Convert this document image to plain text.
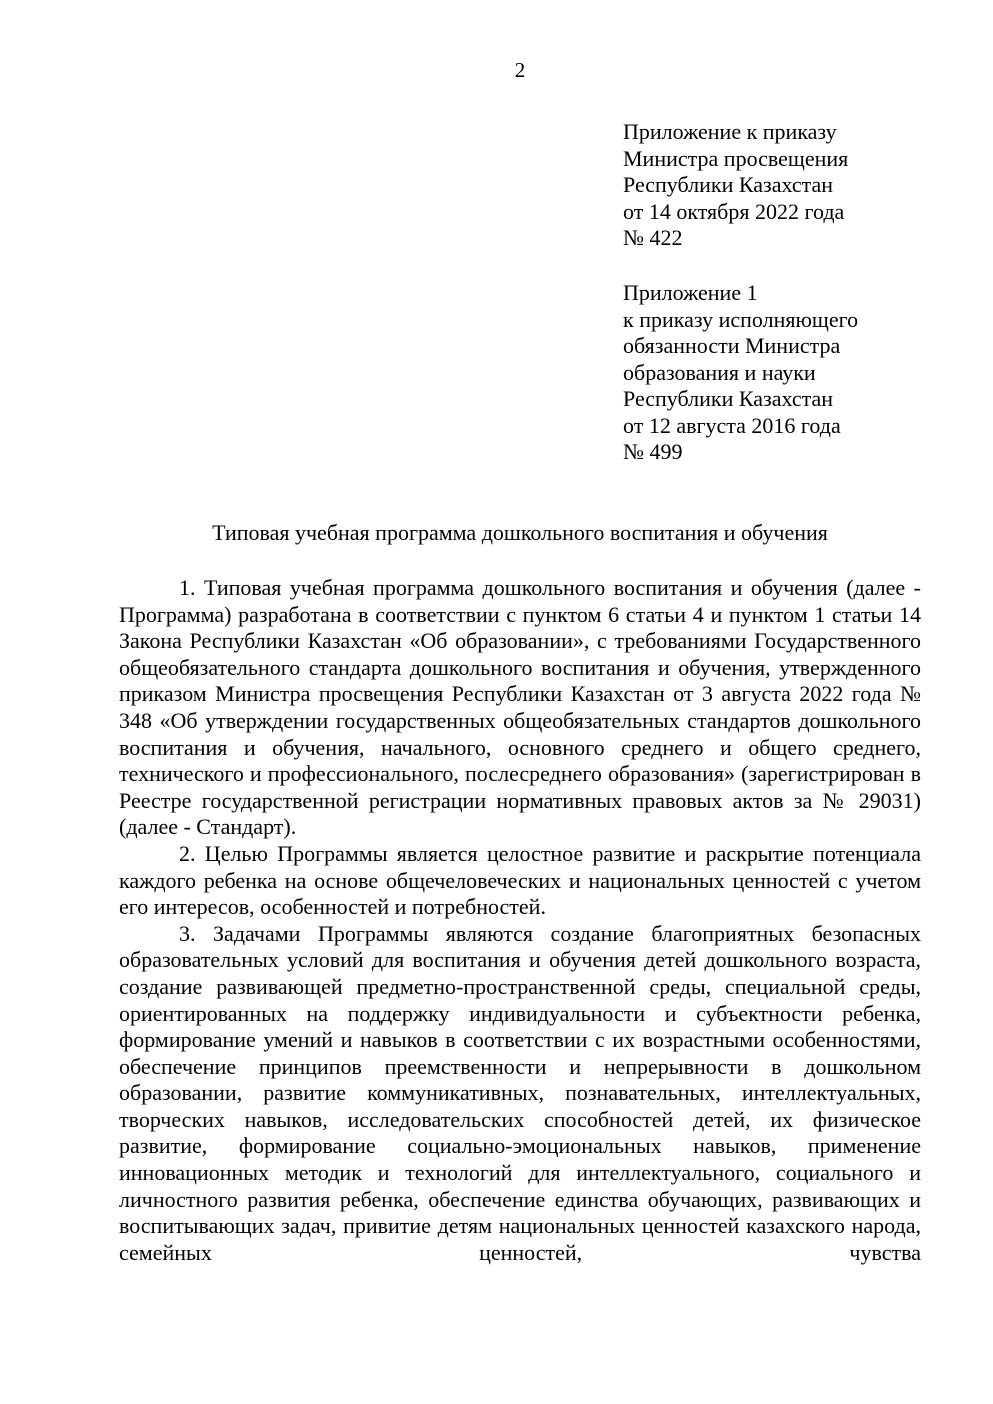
2
Приложение к приказу
Министра просвещения
Республики Казахстан
от 14 октября 2022 года
№ 422
Приложение 1
к приказу исполняющего
обязанности Министра
образования и науки
Республики Казахстан
от 12 августа 2016 года
№ 499
Типовая учебная программа дошкольного воспитания и обучения

1. Типовая учебная программа дошкольного воспитания и обучения (далее - Программа) разработана в соответствии с пунктом 6 статьи 4 и пунктом 1 статьи 14 Закона Республики Казахстан «Об образовании», с требованиями Государственного общеобязательного стандарта дошкольного воспитания и обучения, утвержденного приказом Министра просвещения Республики Казахстан от 3 августа 2022 года № 348 «Об утверждении государственных общеобязательных стандартов дошкольного воспитания и обучения, начального, основного среднего и общего среднего, технического и профессионального, послесреднего образования» (зарегистрирован в Реестре государственной регистрации нормативных правовых актов за № 29031) (далее - Стандарт).

2. Целью Программы является целостное развитие и раскрытие потенциала каждого ребенка на основе общечеловеческих и национальных ценностей с учетом его интересов, особенностей и потребностей.

3. Задачами Программы являются создание благоприятных безопасных образовательных условий для воспитания и обучения детей дошкольного возраста, создание развивающей предметно-пространственной среды, специальной среды, ориентированных на поддержку индивидуальности и субъектности ребенка, формирование умений и навыков в соответствии с их возрастными особенностями, обеспечение принципов преемственности и непрерывности в дошкольном образовании, развитие коммуникативных, познавательных, интеллектуальных, творческих навыков, исследовательских способностей детей, их физическое развитие, формирование социально-эмоциональных навыков, применение инновационных методик и технологий для интеллектуального, социального и личностного развития ребенка, обеспечение единства обучающих, развивающих и воспитывающих задач, привитие детям национальных ценностей казахского народа, семейных ценностей, чувства
